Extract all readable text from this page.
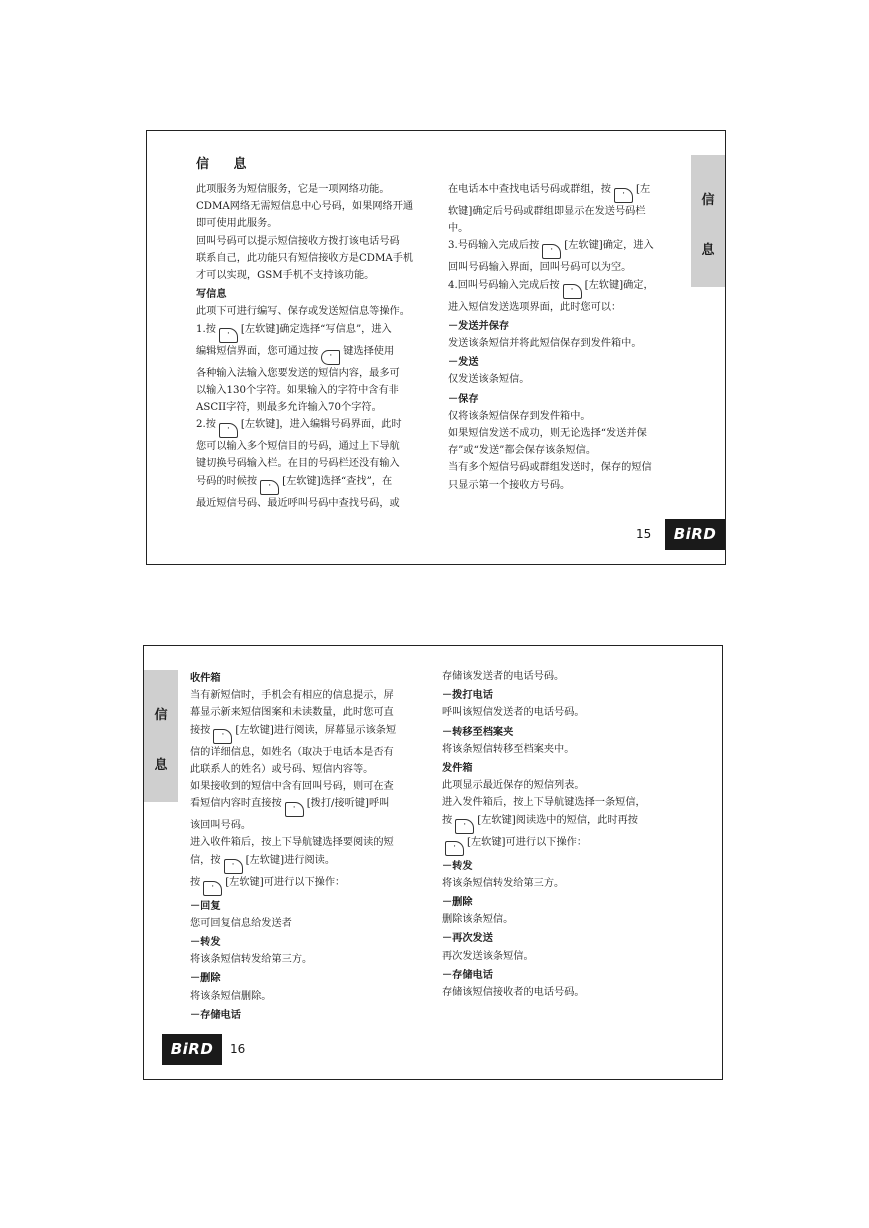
信 息

此项服务为短信服务，它是一项网络功能。

CDMA网络无需短信息中心号码，如果网络开通

即可使用此服务。

回叫号码可以提示短信接收方拨打该电话号码

联系自己，此功能只有短信接收方是CDMA手机

才可以实现，GSM手机不支持该功能。

写信息

此项下可进行编写、保存或发送短信息等操作。

1.按 · [左软键]确定选择“写信息”，进入

编辑短信界面，您可通过按 · 键选择使用

各种输入法输入您要发送的短信内容，最多可

以输入130个字符。如果输入的字符中含有非

ASCII字符，则最多允许输入70个字符。

2.按 · [左软键]，进入编辑号码界面，此时

您可以输入多个短信目的号码，通过上下导航

键切换号码输入栏。在目的号码栏还没有输入

号码的时候按 · [左软键]选择“查找”，在

最近短信号码、最近呼叫号码中查找号码，或

在电话本中查找电话号码或群组，按 · [左

软键]确定后号码或群组即显示在发送号码栏

中。

3.号码输入完成后按 · [左软键]确定，进入

回叫号码输入界面，回叫号码可以为空。

4.回叫号码输入完成后按 · [左软键]确定，

进入短信发送选项界面，此时您可以：

－发送并保存

发送该条短信并将此短信保存到发件箱中。

－发送

仅发送该条短信。

－保存

仅将该条短信保存到发件箱中。

如果短信发送不成功，则无论选择“发送并保

存”或“发送”都会保存该条短信。

当有多个短信号码或群组发送时，保存的短信

只显示第一个接收方号码。

信
息
15	BiRD
信
息

收件箱

当有新短信时，手机会有相应的信息提示，屏

幕显示新来短信图案和未读数量，此时您可直

接按 · [左软键]进行阅读，屏幕显示该条短

信的详细信息，如姓名（取决于电话本是否有

此联系人的姓名）或号码、短信内容等。

如果接收到的短信中含有回叫号码，则可在查

看短信内容时直接按 · [拨打/接听键]呼叫

该回叫号码。

进入收件箱后，按上下导航键选择要阅读的短

信，按 · [左软键]进行阅读。

按 · [左软键]可进行以下操作：

－回复

您可回复信息给发送者

－转发

将该条短信转发给第三方。

－删除

将该条短信删除。

－存储电话

存储该发送者的电话号码。

－拨打电话

呼叫该短信发送者的电话号码。

－转移至档案夹

将该条短信转移至档案夹中。

发件箱

此项显示最近保存的短信列表。

进入发件箱后，按上下导航键选择一条短信，

按 · [左软键]阅读选中的短信，此时再按

· [左软键]可进行以下操作：

－转发

将该条短信转发给第三方。

－删除

删除该条短信。

－再次发送

再次发送该条短信。

－存储电话

存储该短信接收者的电话号码。

BiRD	16
